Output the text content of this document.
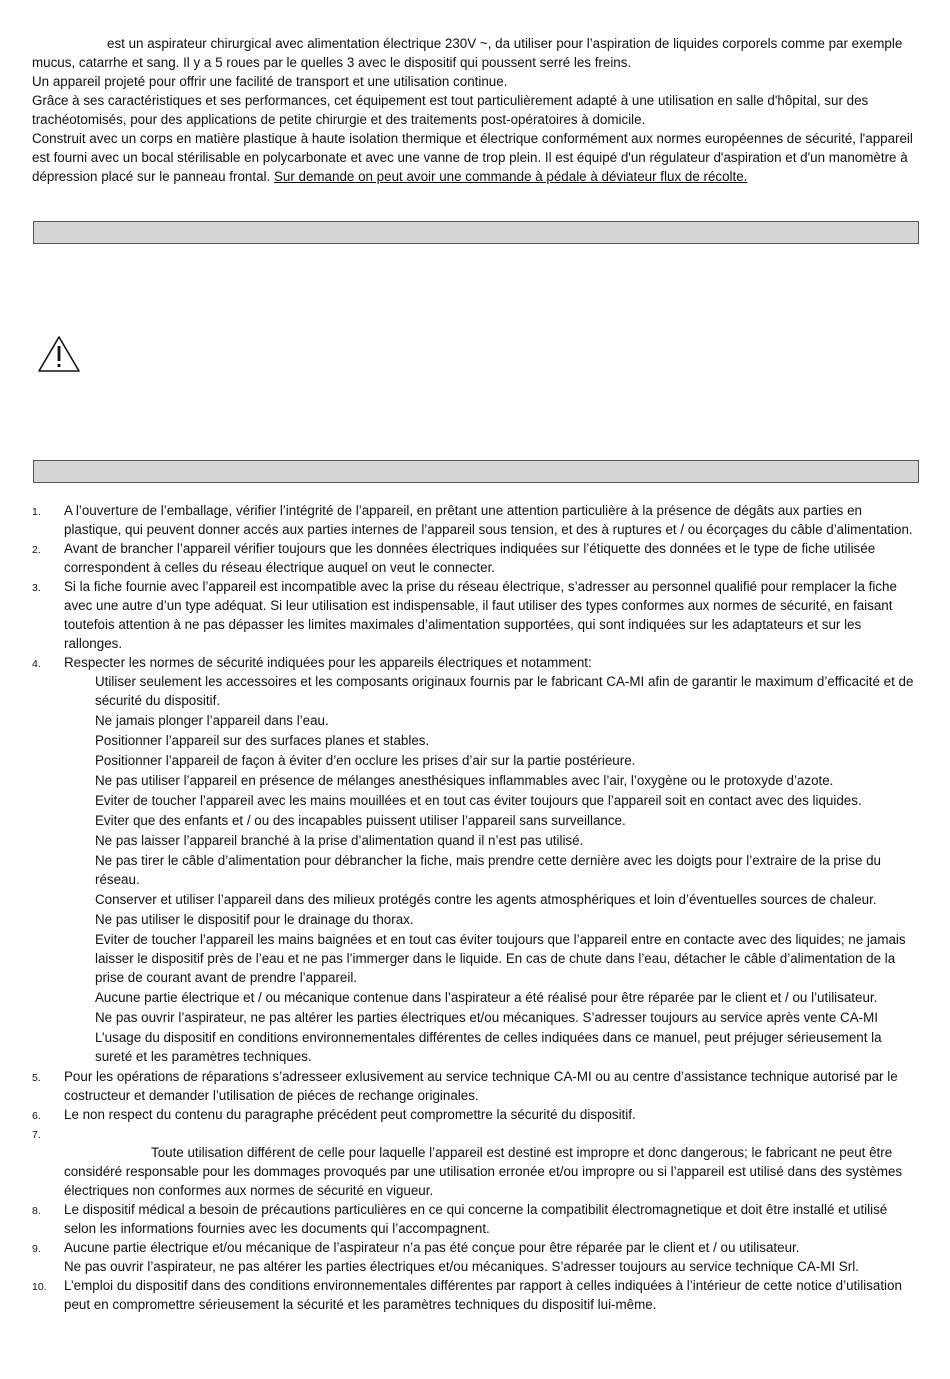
est un aspirateur chirurgical avec alimentation électrique 230V ~, da utiliser pour l’aspiration de liquides corporels comme par exemple mucus, catarrhe et sang. Il y a 5 roues par le quelles 3 avec le dispositif qui poussent serré les freins.

Un appareil projeté pour offrir une facilité de transport et une utilisation continue.

Grâce à ses caractéristiques et ses performances, cet équipement est tout particulièrement adapté à une utilisation en salle d'hôpital, sur des trachéotomisés, pour des applications de petite chirurgie et des traitements post-opératoires à domicile.

Construit avec un corps en matière plastique à haute isolation thermique et électrique conformément aux normes européennes de sécurité, l'appareil est fourni avec un bocal stérilisable en polycarbonate et avec une vanne de trop plein. Il est équipé d'un régulateur d'aspiration et d'un manomètre à dépression placé sur le panneau frontal. Sur demande on peut avoir une commande à pédale à déviateur flux de récolte.

1. A l’ouverture de l’emballage, vérifier l’intégrité de l’appareil, en prêtant une attention particulière à la présence de dégâts aux parties en plastique, qui peuvent donner accés aux parties internes de l’appareil sous tension, et des à ruptures et / ou écorçages du câble d’alimentation.
2. Avant de brancher l’appareil vérifier toujours que les données électriques indiquées sur l’étiquette des données et le type de fiche utilisée correspondent à celles du réseau électrique auquel on veut le connecter.
3. Si la fiche fournie avec l’appareil est incompatible avec la prise du réseau électrique, s’adresser au personnel qualifié pour remplacer la fiche avec une autre d’un type adéquat. Si leur utilisation est indispensable, il faut utiliser des types conformes aux normes de sécurité, en faisant toutefois attention à ne pas dépasser les limites maximales d’alimentation supportées, qui sont indiquées sur les adaptateurs et sur les rallonges.
4. Respecter les normes de sécurité indiquées pour les appareils électriques et notamment:
Utiliser seulement les accessoires et les composants originaux fournis par le fabricant CA-MI afin de garantir le maximum d’efficacité et de sécurité du dispositif.
Ne jamais plonger l’appareil dans l’eau.
Positionner l’appareil sur des surfaces planes et stables.
Positionner l’appareil de façon à éviter d’en occlure les prises d’air sur la partie postérieure.
Ne pas utiliser l’appareil en présence de mélanges anesthésiques inflammables avec l’air, l’oxygène ou le protoxyde d’azote.
Eviter de toucher l’appareil avec les mains mouillées et en tout cas éviter toujours que l’appareil soit en contact avec des liquides.
Eviter que des enfants et / ou des incapables puissent utiliser l’appareil sans surveillance.
Ne pas laisser l’appareil branché à la prise d’alimentation quand il n’est pas utilisé.
Ne pas tirer le câble d’alimentation pour débrancher la fiche, mais prendre cette dernière avec les doigts pour l’extraire de la prise du réseau.
Conserver et utiliser l’appareil dans des milieux protégés contre les agents atmosphériques et loin d’éventuelles sources de chaleur.
Ne pas utiliser le dispositif pour le drainage du thorax.
Eviter de toucher l’appareil les mains baignées et en tout cas éviter toujours que l’appareil entre en contacte avec des liquides; ne jamais laisser le dispositif près de l’eau et ne pas l’immerger dans le liquide. En cas de chute dans l’eau, détacher le câble d’alimentation de la prise de courant avant de prendre l’appareil.
Aucune partie électrique et / ou mécanique contenue dans l’aspirateur a été réalisé pour être réparée par le client et / ou l’utilisateur.
Ne pas ouvrir l’aspirateur, ne pas altérer les parties électriques et/ou mécaniques. S’adresser toujours au service après vente CA-MI
L’usage du dispositif en conditions environnementales différentes de celles indiquées dans ce manuel, peut préjuger sérieusement la sureté et les paramètres techniques.
5. Pour les opérations de réparations s’adresseer exlusivement au service technique CA-MI ou au centre d’assistance technique autorisé par le costructeur et demander l’utilisation de piéces de rechange originales.
6. Le non respect du contenu du paragraphe précédent peut compromettre la sécurité du dispositif.
7.
Toute utilisation différent de celle pour laquelle l’appareil est destiné est impropre et donc dangerous; le fabricant ne peut être considéré responsable pour les dommages provoqués par une utilisation erronée et/ou impropre ou si l’appareil est utilisé dans des systèmes électriques non conformes aux normes de sécurité en vigueur.
8. Le dispositif médical a besoin de précautions particulières en ce qui concerne la compatibilit électromagnetique et doit être installé et utilisé selon les informations fournies avec les documents qui l’accompagnent.
9. Aucune partie électrique et/ou mécanique de l’aspirateur n’a pas été conçue pour être réparée par le client et / ou utilisateur.
Ne pas ouvrir l’aspirateur, ne pas altérer les parties électriques et/ou mécaniques. S’adresser toujours au service technique CA-MI Srl.
10. L’emploi du dispositif dans des conditions environnementales différentes par rapport à celles indiquées à l’intérieur de cette notice d’utilisation peut en compromettre sérieusement la sécurité et les paramètres techniques du dispositif lui-même.
